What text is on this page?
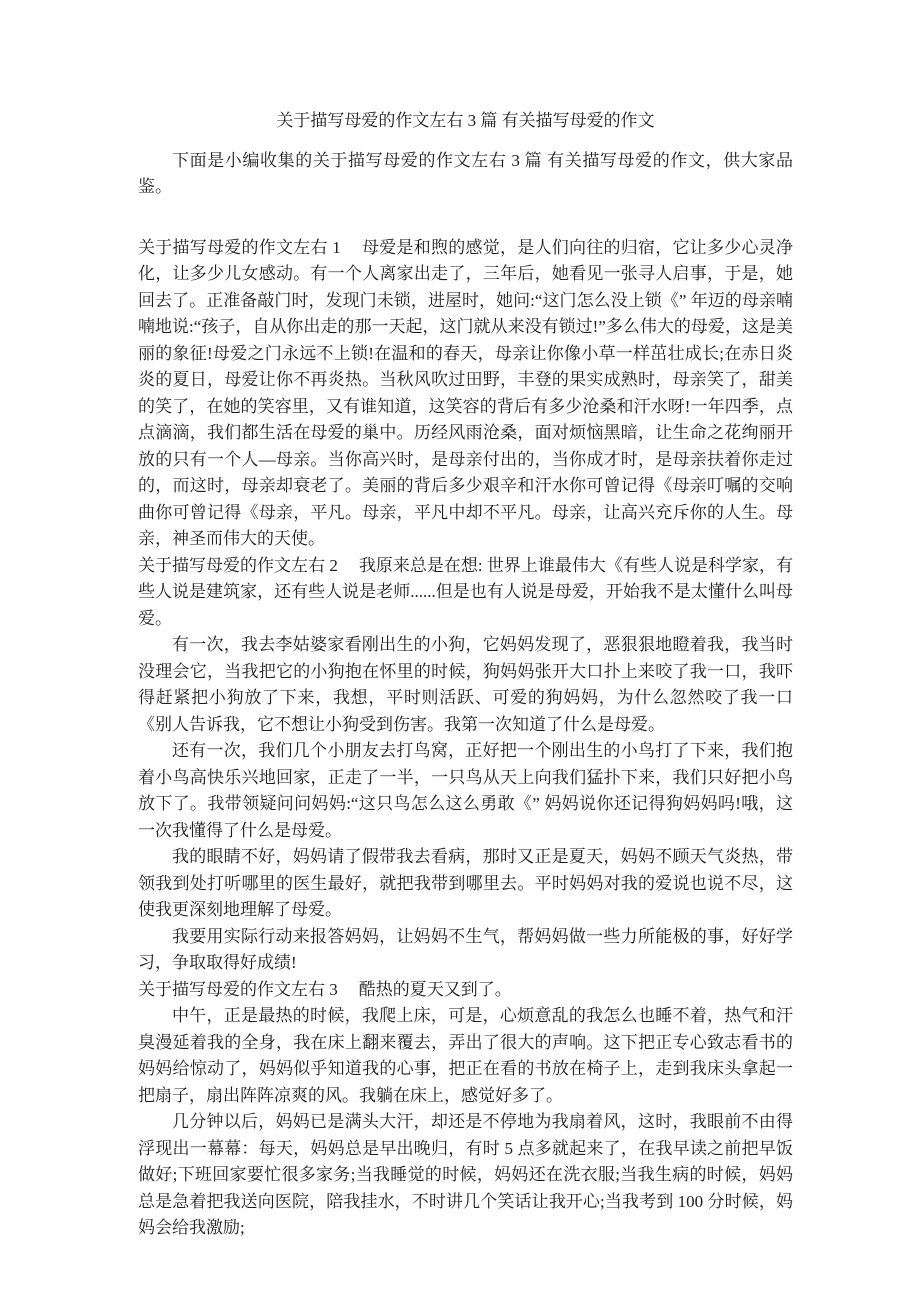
关于描写母爱的作文左右 3 篇 有关描写母爱的作文

下面是小编收集的关于描写母爱的作文左右 3 篇 有关描写母爱的作文，供大家品鉴。

关于描写母爱的作文左右 1 母爱是和煦的感觉，是人们向往的归宿，它让多少心灵净化，让多少儿女感动。有一个人离家出走了，三年后，她看见一张寻人启事，于是，她回去了。正准备敲门时，发现门未锁，进屋时，她问:“这门怎么没上锁《” 年迈的母亲喃喃地说:“孩子，自从你出走的那一天起，这门就从来没有锁过!”多么伟大的母爱，这是美丽的象征!母爱之门永远不上锁!在温和的春天，母亲让你像小草一样茁壮成长;在赤日炎炎的夏日，母爱让你不再炎热。当秋风吹过田野，丰登的果实成熟时，母亲笑了，甜美的笑了，在她的笑容里，又有谁知道，这笑容的背后有多少沧桑和汗水呀!一年四季，点点滴滴，我们都生活在母爱的巢中。历经风雨沧桑，面对烦恼黑暗，让生命之花绚丽开放的只有一个人—母亲。当你高兴时，是母亲付出的，当你成才时，是母亲扶着你走过的，而这时，母亲却衰老了。美丽的背后多少艰辛和汗水你可曾记得《母亲叮嘱的交响曲你可曾记得《母亲，平凡。母亲，平凡中却不平凡。母亲，让高兴充斥你的人生。母亲，神圣而伟大的天使。

关于描写母爱的作文左右 2 我原来总是在想: 世界上谁最伟大《有些人说是科学家，有些人说是建筑家，还有些人说是老师......但是也有人说是母爱，开始我不是太懂什么叫母爱。

有一次，我去李姑婆家看刚出生的小狗，它妈妈发现了，恶狠狠地瞪着我，我当时没理会它，当我把它的小狗抱在怀里的时候，狗妈妈张开大口扑上来咬了我一口，我吓得赶紧把小狗放了下来，我想，平时则活跃、可爱的狗妈妈，为什么忽然咬了我一口《别人告诉我，它不想让小狗受到伤害。我第一次知道了什么是母爱。

还有一次，我们几个小朋友去打鸟窝，正好把一个刚出生的小鸟打了下来，我们抱着小鸟高快乐兴地回家，正走了一半，一只鸟从天上向我们猛扑下来，我们只好把小鸟放下了。我带领疑问问妈妈:“这只鸟怎么这么勇敢《” 妈妈说你还记得狗妈妈吗!哦，这一次我懂得了什么是母爱。

我的眼睛不好，妈妈请了假带我去看病，那时又正是夏天，妈妈不顾天气炎热，带领我到处打听哪里的医生最好，就把我带到哪里去。平时妈妈对我的爱说也说不尽，这使我更深刻地理解了母爱。

我要用实际行动来报答妈妈，让妈妈不生气，帮妈妈做一些力所能极的事，好好学习，争取取得好成绩!

关于描写母爱的作文左右 3 酷热的夏天又到了。

中午，正是最热的时候，我爬上床，可是，心烦意乱的我怎么也睡不着，热气和汗臭漫延着我的全身，我在床上翻来覆去，弄出了很大的声响。这下把正专心致志看书的妈妈给惊动了，妈妈似乎知道我的心事，把正在看的书放在椅子上，走到我床头拿起一把扇子，扇出阵阵凉爽的风。我躺在床上，感觉好多了。

几分钟以后，妈妈已是满头大汗，却还是不停地为我扇着风，这时，我眼前不由得浮现出一幕幕：每天，妈妈总是早出晚归，有时 5 点多就起来了，在我早读之前把早饭做好;下班回家要忙很多家务;当我睡觉的时候，妈妈还在洗衣服;当我生病的时候，妈妈总是急着把我送向医院，陪我挂水，不时讲几个笑话让我开心;当我考到 100 分时候，妈妈会给我激励;
